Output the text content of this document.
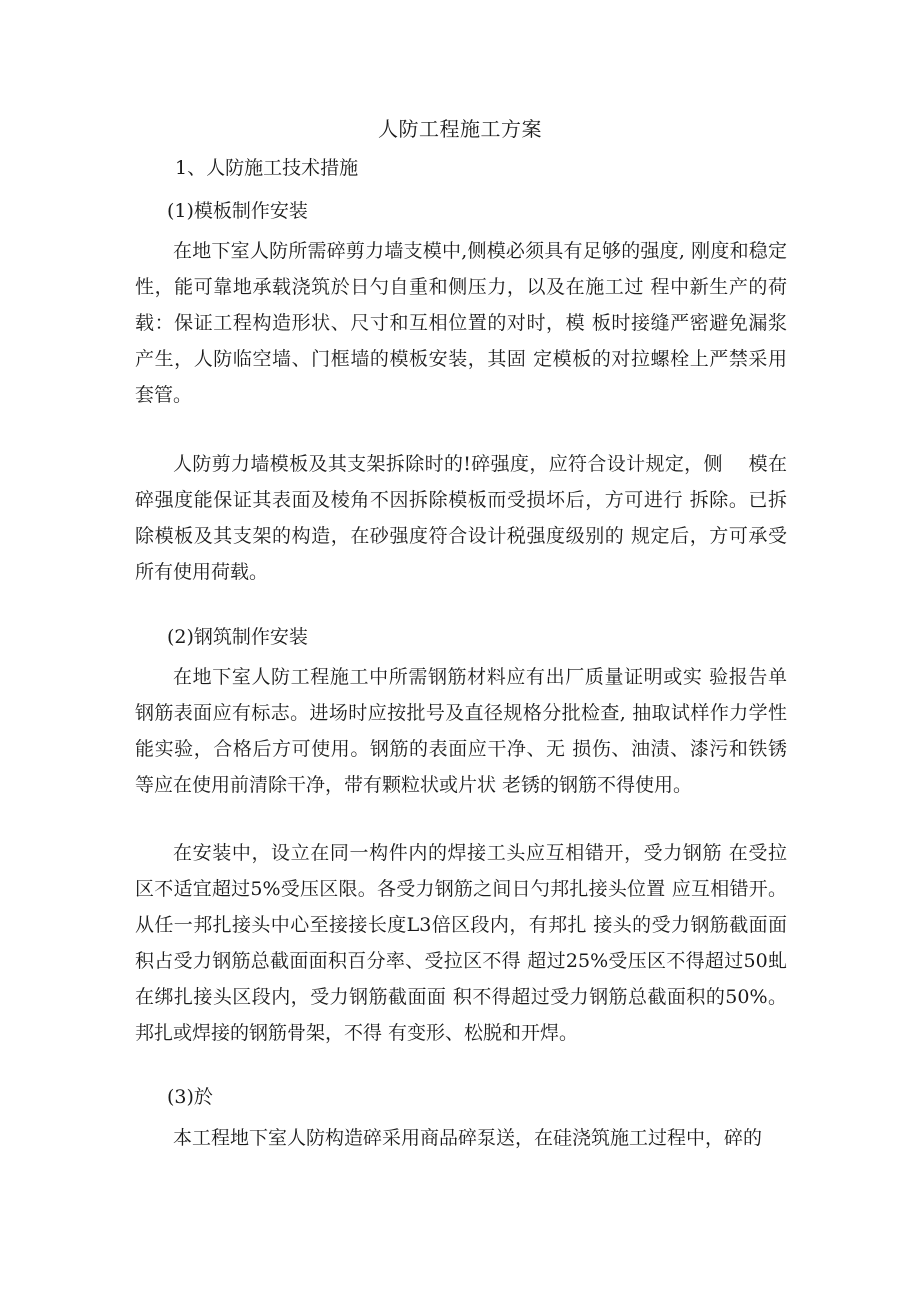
人防工程施工方案
1、人防施工技术措施
(1)模板制作安装
在地下室人防所需碎剪力墙支模中,侧模必须具有足够的强度, 刚度和稳定性，能可靠地承载浇筑於日勺自重和侧压力，以及在施工过 程中新生产的荷载：保证工程构造形状、尺寸和互相位置的对时，模 板时接缝严密避免漏浆产生，人防临空墙、门框墙的模板安装，其固 定模板的对拉螺栓上严禁采用套管。
人防剪力墙模板及其支架拆除时的!碎强度，应符合设计规定，侧　 模在碎强度能保证其表面及棱角不因拆除模板而受损坏后，方可进行 拆除。已拆除模板及其支架的构造，在砂强度符合设计税强度级别的 规定后，方可承受所有使用荷载。
(2)钢筑制作安装
在地下室人防工程施工中所需钢筋材料应有出厂质量证明或实 验报告单钢筋表面应有标志。进场时应按批号及直径规格分批检查, 抽取试样作力学性能实验，合格后方可使用。钢筋的表面应干净、无 损伤、油渍、漆污和铁锈等应在使用前清除干净，带有颗粒状或片状 老锈的钢筋不得使用。
在安装中，设立在同一构件内的焊接工头应互相错开，受力钢筋 在受拉区不适宜超过5%受压区限。各受力钢筋之间日勺邦扎接头位置 应互相错开。从任一邦扎接头中心至接接长度L3倍区段内，有邦扎 接头的受力钢筋截面面积占受力钢筋总截面面积百分率、受拉区不得 超过25%受压区不得超过50虬在绑扎接头区段内，受力钢筋截面面 积不得超过受力钢筋总截面积的50%。邦扎或焊接的钢筋骨架，不得 有变形、松脱和开焊。
(3)於
本工程地下室人防构造碎采用商品碎泵送，在硅浇筑施工过程中，碎的
